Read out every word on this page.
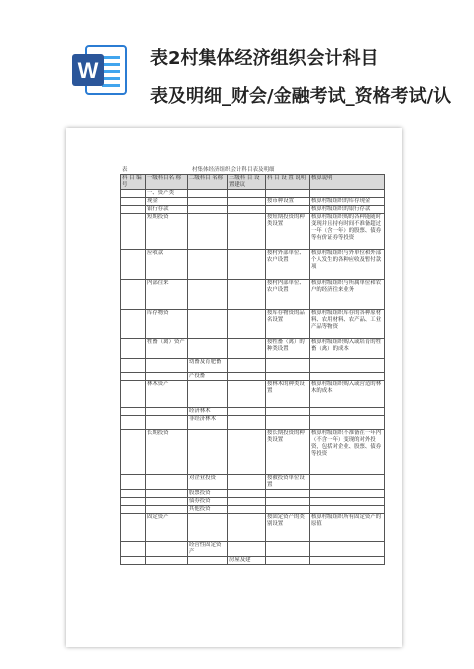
W	表2村集体经济组织会计科目
表及明细_财会/金融考试_资格考试/认
表	村集体经济组织会计科目表及明细
科 目 编号	一级科目名 称	二级科目 名称	三级科 目 设置建议	科 目 设 置 说明	核算说明
	一、资产类				
	现金			按币种设置	核算村级组织的库存现金
	银行存款				核算村级组织的银行存款
	短期投资			按短期投资的种类设置	核算村级组织购的各种能随时变现并且持有时间不准备超过一年（含一年）的股票、债券等有价证券等投资
	应收款			按村外部单位、农户设置	核算村级组织与外单位和外部个人发生的各种应收及暂付款项
	内部往来			按村内部单位、农户设置	核算村级组织与所属单位和农户的经济往来业务
	库存物资			按库存物资的品名设置	核算村级组织库存的各种原材料、农用材料、农产品、工业产品等物资
	牲畜（禽）资产			按牲畜（禽）的种类设置	核算村级组织购入或培育的牲畜（禽）的成本
		幼畜及育肥畜			
		产役畜			
	林木资产			按林木的种类设置	核算村级组织购入或营造的林木的成本
		经济林木			
		非经济林木			
	长期投资			按长期投资的种类设置	核算村级组织不准备在一年内（不含一年）变现的对外投资，包括对企业、股票、债券等投资
		对企业投资		按被投资单位设置	
		股票投资			
		债券投资			
		其他投资			
	固定资产			按固定资产的类别设置	核算村级组织所有固定资产的原值
		经营性固定资产			
			房屋及建		
